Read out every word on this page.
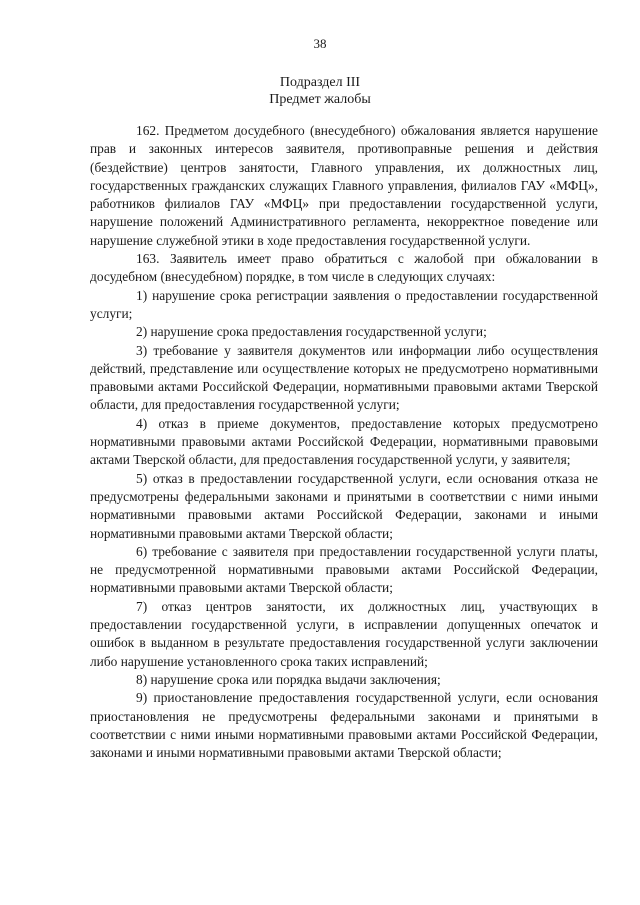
38
Подраздел III
Предмет жалобы

162. Предметом досудебного (внесудебного) обжалования является нарушение прав и законных интересов заявителя, противоправные решения и действия (бездействие) центров занятости, Главного управления, их должностных лиц, государственных гражданских служащих Главного управления, филиалов ГАУ «МФЦ», работников филиалов ГАУ «МФЦ» при предоставлении государственной услуги, нарушение положений Административного регламента, некорректное поведение или нарушение служебной этики в ходе предоставления государственной услуги.

163. Заявитель имеет право обратиться с жалобой при обжаловании в досудебном (внесудебном) порядке, в том числе в следующих случаях:

1) нарушение срока регистрации заявления о предоставлении государственной услуги;

2) нарушение срока предоставления государственной услуги;

3) требование у заявителя документов или информации либо осуществления действий, представление или осуществление которых не предусмотрено нормативными правовыми актами Российской Федерации, нормативными правовыми актами Тверской области, для предоставления государственной услуги;

4) отказ в приеме документов, предоставление которых предусмотрено нормативными правовыми актами Российской Федерации, нормативными правовыми актами Тверской области, для предоставления государственной услуги, у заявителя;

5) отказ в предоставлении государственной услуги, если основания отказа не предусмотрены федеральными законами и принятыми в соответствии с ними иными нормативными правовыми актами Российской Федерации, законами и иными нормативными правовыми актами Тверской области;

6) требование с заявителя при предоставлении государственной услуги платы, не предусмотренной нормативными правовыми актами Российской Федерации, нормативными правовыми актами Тверской области;

7) отказ центров занятости, их должностных лиц, участвующих в предоставлении государственной услуги, в исправлении допущенных опечаток и ошибок в выданном в результате предоставления государственной услуги заключении либо нарушение установленного срока таких исправлений;

8) нарушение срока или порядка выдачи заключения;

9) приостановление предоставления государственной услуги, если основания приостановления не предусмотрены федеральными законами и принятыми в соответствии с ними иными нормативными правовыми актами Российской Федерации, законами и иными нормативными правовыми актами Тверской области;
